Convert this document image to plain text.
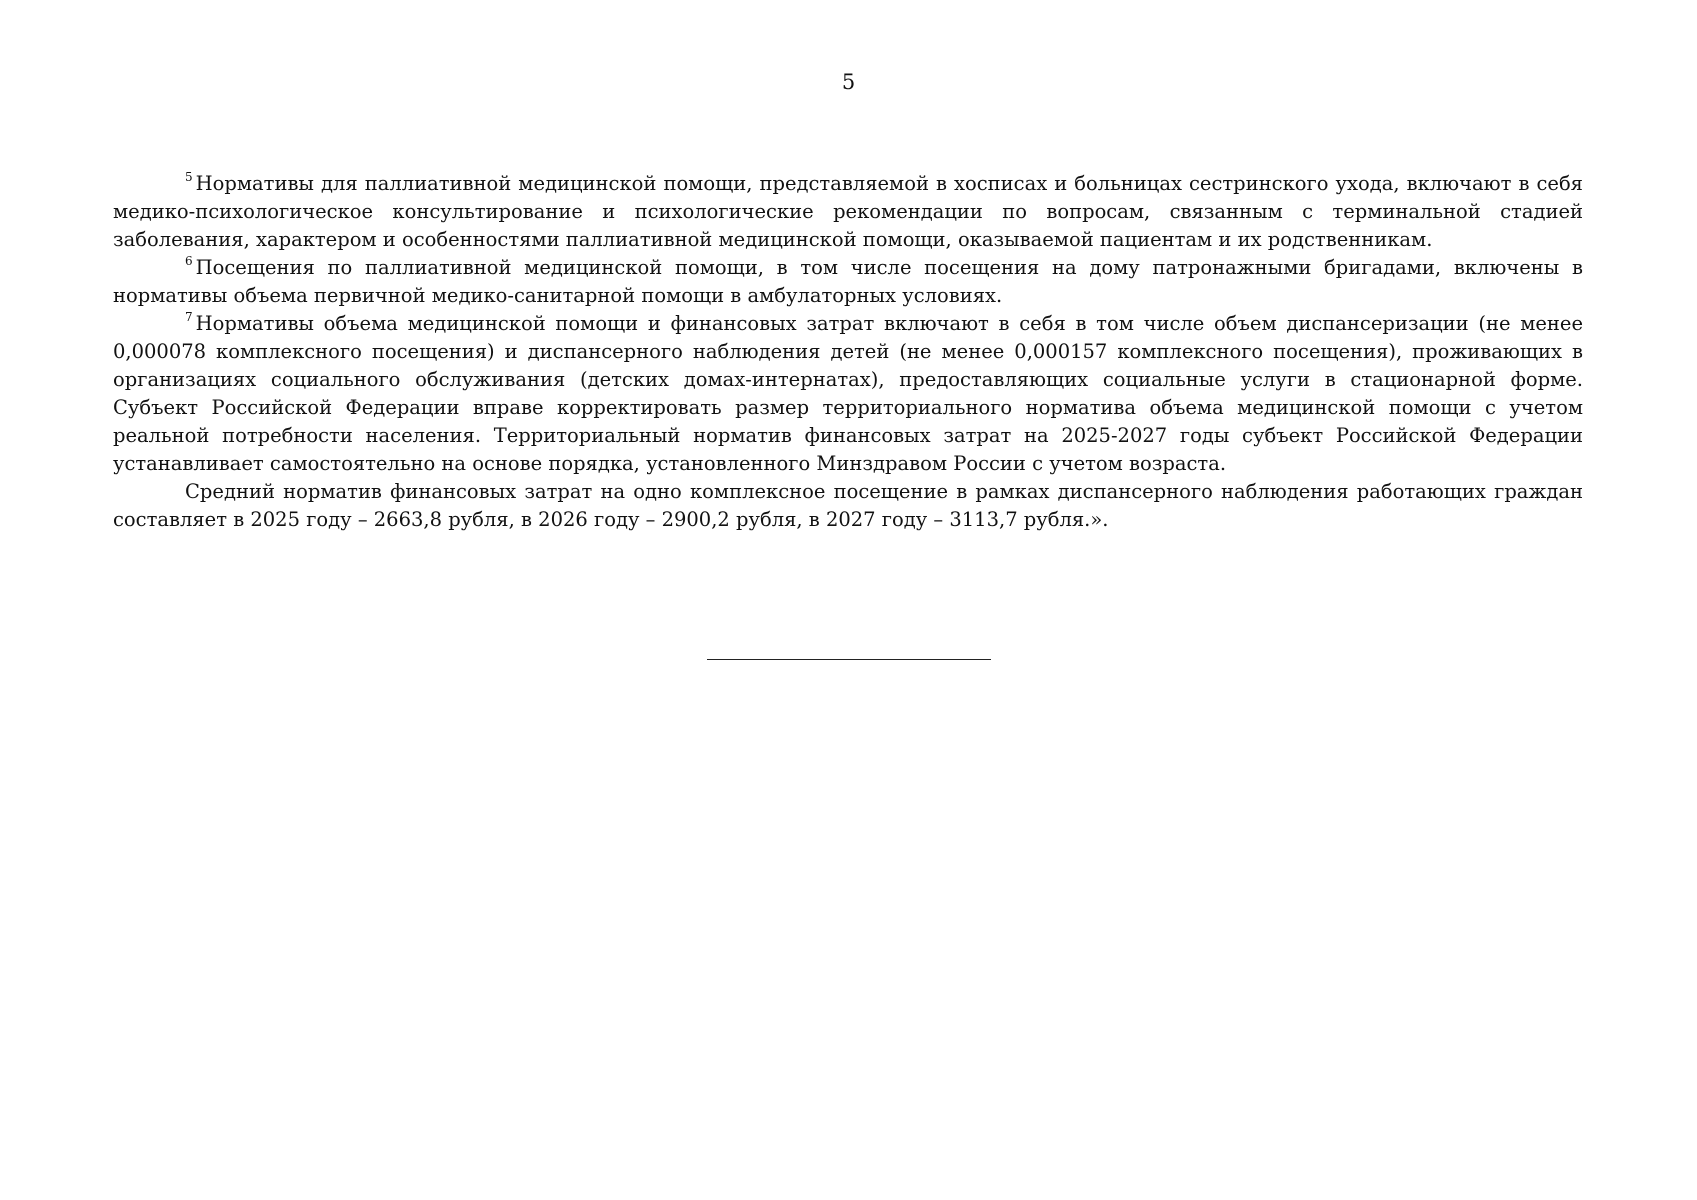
5

$^5$ Нормативы для паллиативной медицинской помощи, представляемой в хосписах и больницах сестринского ухода, включают в себя медико-психологическое консультирование и психологические рекомендации по вопросам, связанным с терминальной стадией заболевания, характером и особенностями паллиативной медицинской помощи, оказываемой пациентам и их родственникам.

$^6$ Посещения по паллиативной медицинской помощи, в том числе посещения на дому патронажными бригадами, включены в нормативы объема первичной медико-санитарной помощи в амбулаторных условиях.

$^7$ Нормативы объема медицинской помощи и финансовых затрат включают в себя в том числе объем диспансеризации (не менее 0,000078 комплексного посещения) и диспансерного наблюдения детей (не менее 0,000157 комплексного посещения), проживающих в организациях социального обслуживания (детских домах-интернатах), предоставляющих социальные услуги в стационарной форме. Субъект Российской Федерации вправе корректировать размер территориального норматива объема медицинской помощи с учетом реальной потребности населения. Территориальный норматив финансовых затрат на 2025-2027 годы субъект Российской Федерации устанавливает самостоятельно на основе порядка, установленного Минздравом России с учетом возраста.

Средний норматив финансовых затрат на одно комплексное посещение в рамках диспансерного наблюдения работающих граждан составляет в 2025 году – 2663,8 рубля, в 2026 году – 2900,2 рубля, в 2027 году – 3113,7 рубля.».
